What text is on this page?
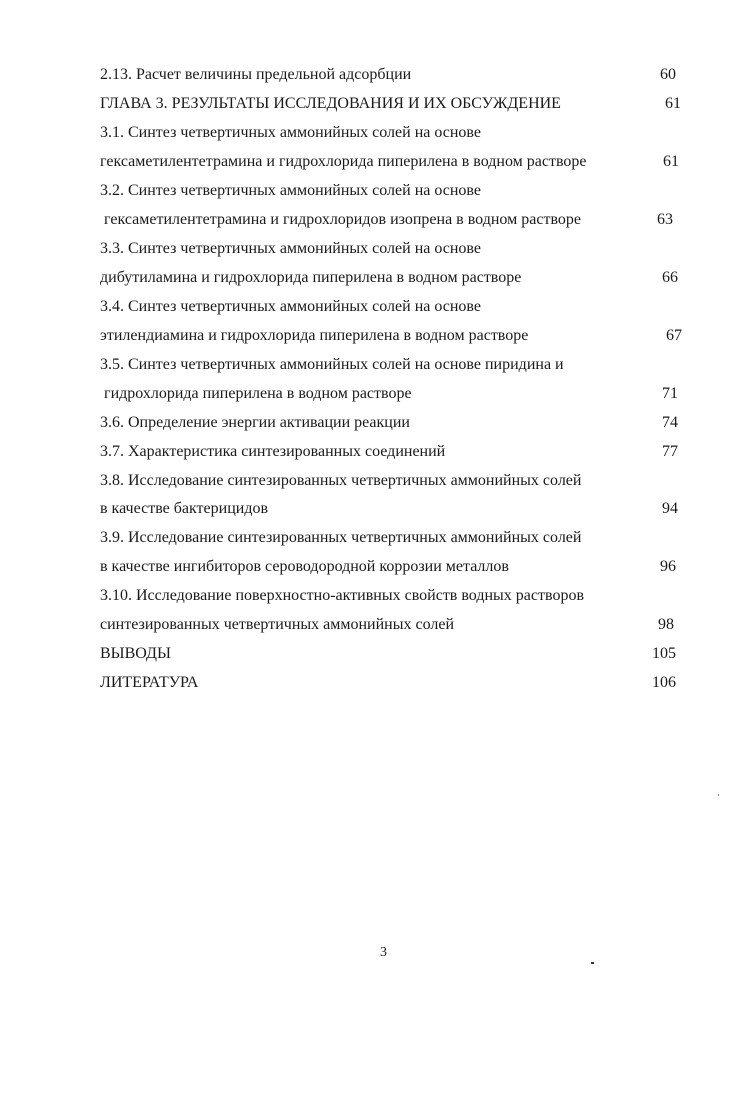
2.13. Расчет величины предельной адсорбции	60
ГЛАВА 3. РЕЗУЛЬТАТЫ ИССЛЕДОВАНИЯ И ИХ ОБСУЖДЕНИЕ	61
3.1. Синтез четвертичных аммонийных солей на основе
гексаметилентетрамина и гидрохлорида пиперилена в водном растворе	61
3.2. Синтез четвертичных аммонийных солей на основе
гексаметилентетрамина и гидрохлоридов изопрена в водном растворе	63
3.3. Синтез четвертичных аммонийных солей на основе
дибутиламина и гидрохлорида пиперилена в водном растворе	66
3.4. Синтез четвертичных аммонийных солей на основе
этилендиамина и гидрохлорида пиперилена в водном растворе	67
3.5. Синтез четвертичных аммонийных солей на основе пиридина и
гидрохлорида пиперилена в водном растворе	71
3.6. Определение энергии активации реакции	74
3.7. Характеристика синтезированных соединений	77
3.8. Исследование синтезированных четвертичных аммонийных солей
в качестве бактерицидов	94
3.9. Исследование синтезированных четвертичных аммонийных солей
в качестве ингибиторов сероводородной коррозии металлов	96
3.10. Исследование поверхностно-активных свойств водных растворов
синтезированных четвертичных аммонийных солей	98
ВЫВОДЫ	105
ЛИТЕРАТУРА	106
3
